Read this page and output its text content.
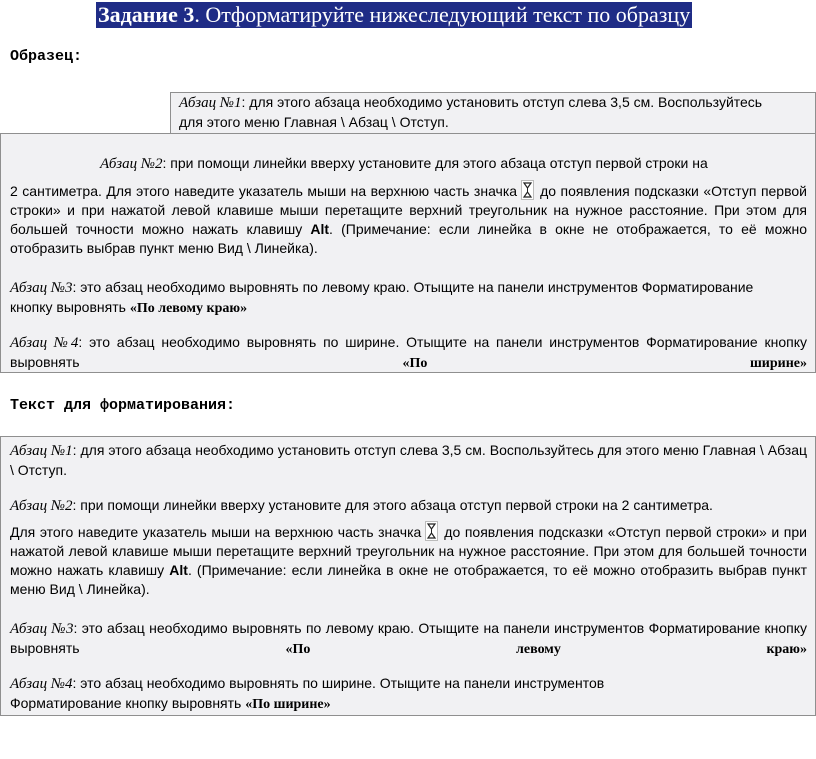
Задание 3. Отформатируйте нижеследующий текст по образцу
Образец:
Абзац №1: для этого абзаца необходимо установить отступ слева 3,5 см. Воспользуйтесь для этого меню Главная \ Абзац \ Отступ.
Абзац №2: при помощи линейки вверху установите для этого абзаца отступ первой строки на
2 сантиметра. Для этого наведите указатель мыши на верхнюю часть значка до появления подсказки «Отступ первой строки» и при нажатой левой клавише мыши перетащите верхний треугольник на нужное расстояние. При этом для большей точности можно нажать клавишу Alt. (Примечание: если линейка в окне не отображается, то её можно отобразить выбрав пункт меню Вид \ Линейка).
Абзац №3: это абзац необходимо выровнять по левому краю. Отыщите на панели инструментов Форматирование кнопку выровнять «По левому краю»
Абзац №4: это абзац необходимо выровнять по ширине. Отыщите на панели инструментов Форматирование кнопку выровнять	«По ширине»
Текст для форматирования:
Абзац №1: для этого абзаца необходимо установить отступ слева 3,5 см. Воспользуйтесь для этого меню Главная \ Абзац \ Отступ.
Абзац №2: при помощи линейки вверху установите для этого абзаца отступ первой строки на 2 сантиметра.
Для этого наведите указатель мыши на верхнюю часть значка до появления подсказки «Отступ первой строки» и при нажатой левой клавише мыши перетащите верхний треугольник на нужное расстояние. При этом для большей точности можно нажать клавишу Alt. (Примечание: если линейка в окне не отображается, то её можно отобразить выбрав пункт меню Вид \ Линейка).
Абзац №3: это абзац необходимо выровнять по левому краю. Отыщите на панели инструментов Форматирование кнопку выровнять	«По левому краю»
Абзац №4: это абзац необходимо выровнять по ширине. Отыщите на панели инструментов Форматирование кнопку выровнять «По ширине»
